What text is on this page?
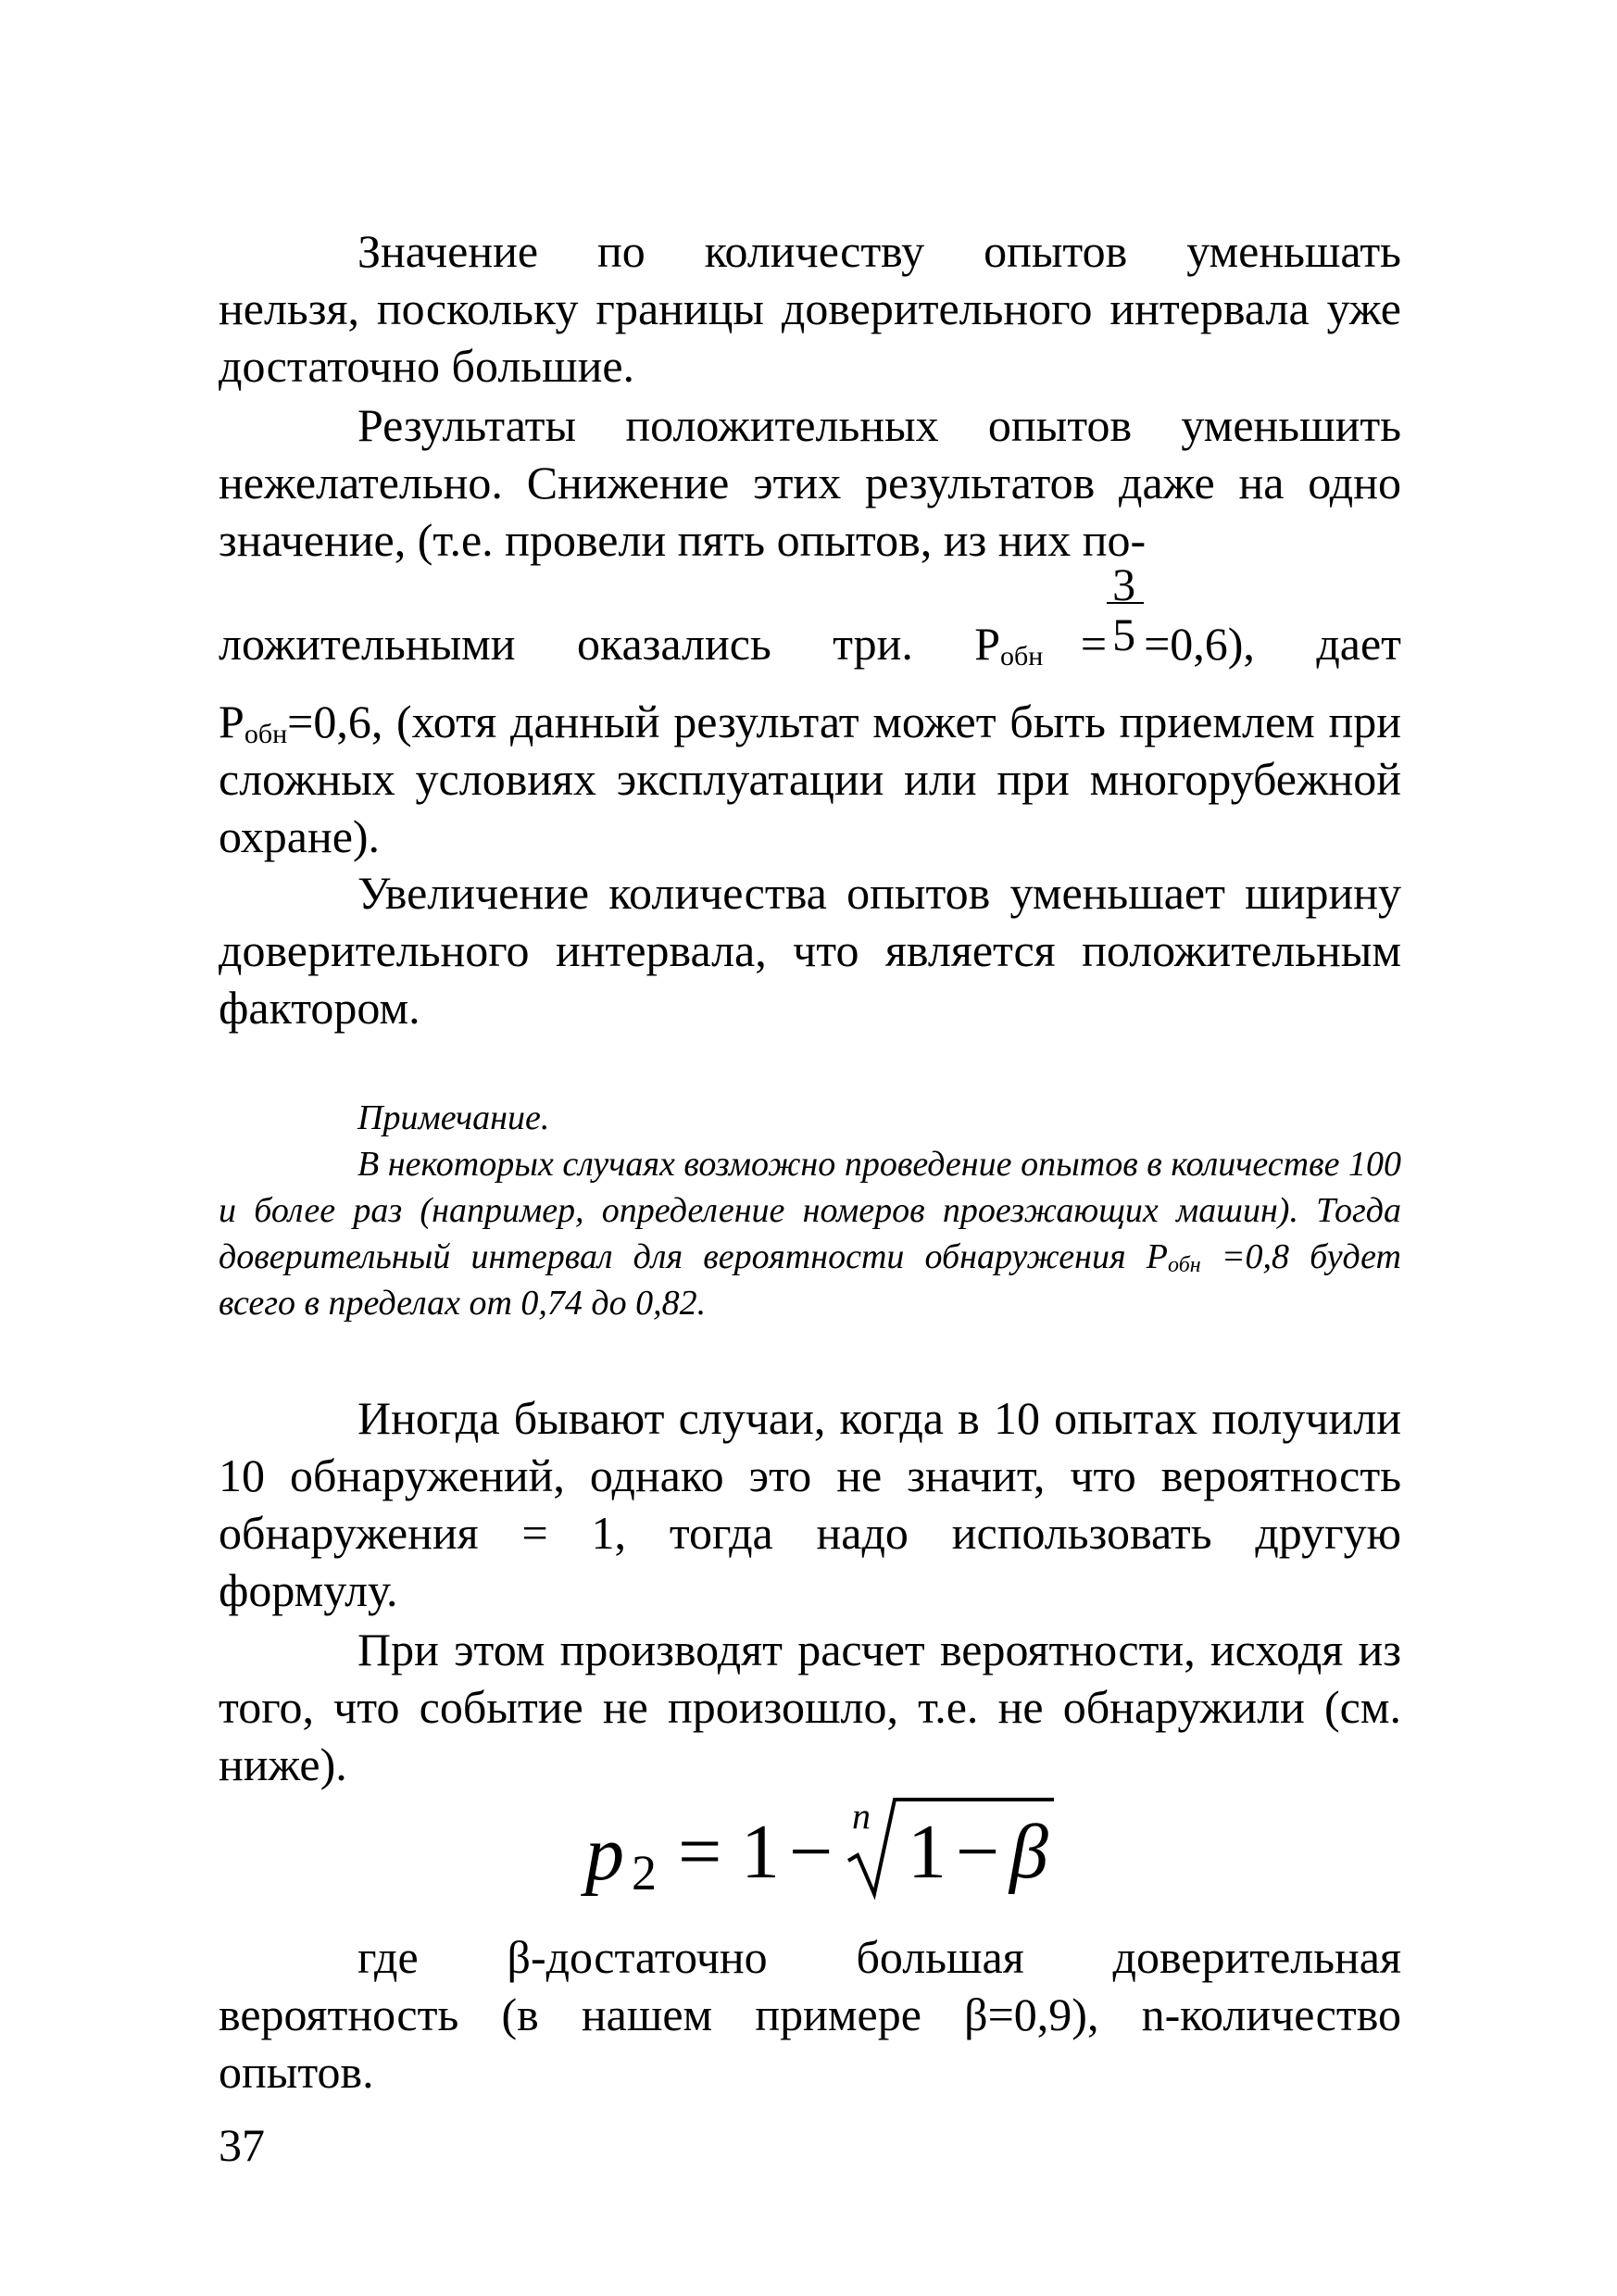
Значение по количеству опытов уменьшать
нельзя, поскольку границы доверительного интервала уже достаточно большие.
Результаты положительных опытов уменьшить нежелательно. Снижение этих результатов даже на одно значение, (т.е. провели пять опытов, из них по-
ложительными оказались три. $P_{обн} = \frac{3}{5} =0,6$), дает
$P_{обн}=0,6$, (хотя данный результат может быть приемлем при сложных условиях эксплуатации или при многорубежной охране).
Увеличение количества опытов уменьшает ширину доверительного интервала, что является положительным фактором.
Примечание.
В некоторых случаях возможно проведение опытов в количестве 100 и более раз (например, определение номеров проезжающих машин). Тогда доверительный интервал для вероятности обнаружения $P_{обн} =0,8$ будет всего в пределах от 0,74 до 0,82.
Иногда бывают случаи, когда в 10 опытах получили 10 обнаружений, однако это не значит, что вероятность обнаружения = 1, тогда надо использовать другую формулу.
При этом производят расчет вероятности, исходя из того, что событие не произошло, т.е. не обнаружили (см. ниже).
p 2 = 1 − n 1 − β
где β-достаточно большая доверительная вероятность (в нашем примере β=0,9), n-количество опытов.
37
